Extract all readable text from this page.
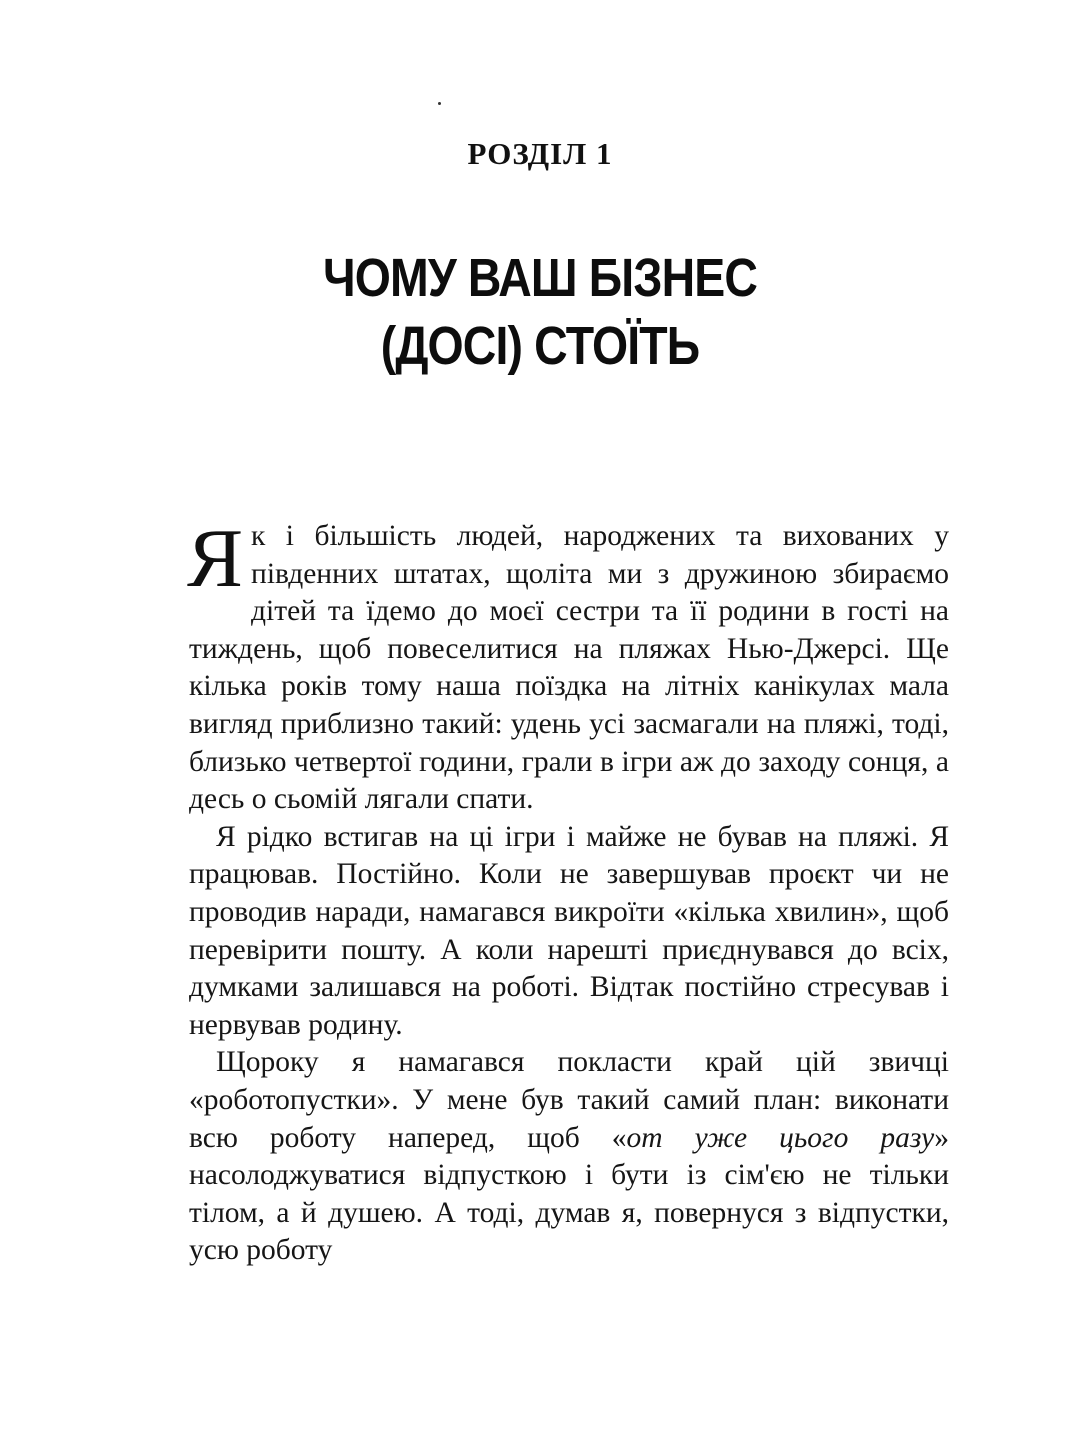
РОЗДІЛ 1
ЧОМУ ВАШ БІЗНЕС
(ДОСІ) СТОЇТЬ

Як і більшість людей, народжених та вихованих у південних штатах, щоліта ми з дружиною збираємо дітей та їдемо до моєї сестри та її родини в гості на тиждень, щоб повеселитися на пляжах Нью-Джерсі. Ще кілька років тому наша поїздка на літніх канікулах мала вигляд приблизно такий: удень усі засмагали на пляжі, тоді, близько четвертої години, грали в ігри аж до заходу сонця, а десь о сьомій лягали спати.

Я рідко встигав на ці ігри і майже не бував на пляжі. Я працював. Постійно. Коли не завершував проєкт чи не проводив наради, намагався викроїти «кілька хвилин», щоб перевірити пошту. А коли нарешті приєднувався до всіх, думками залишався на роботі. Відтак постійно стресував і нервував родину.

Щороку я намагався покласти край цій звичці «роботопустки». У мене був такий самий план: виконати всю роботу наперед, щоб «от уже цього разу» насолоджуватися відпусткою і бути із сім'єю не тільки тілом, а й душею. А тоді, думав я, повернуся з відпустки, усю роботу
